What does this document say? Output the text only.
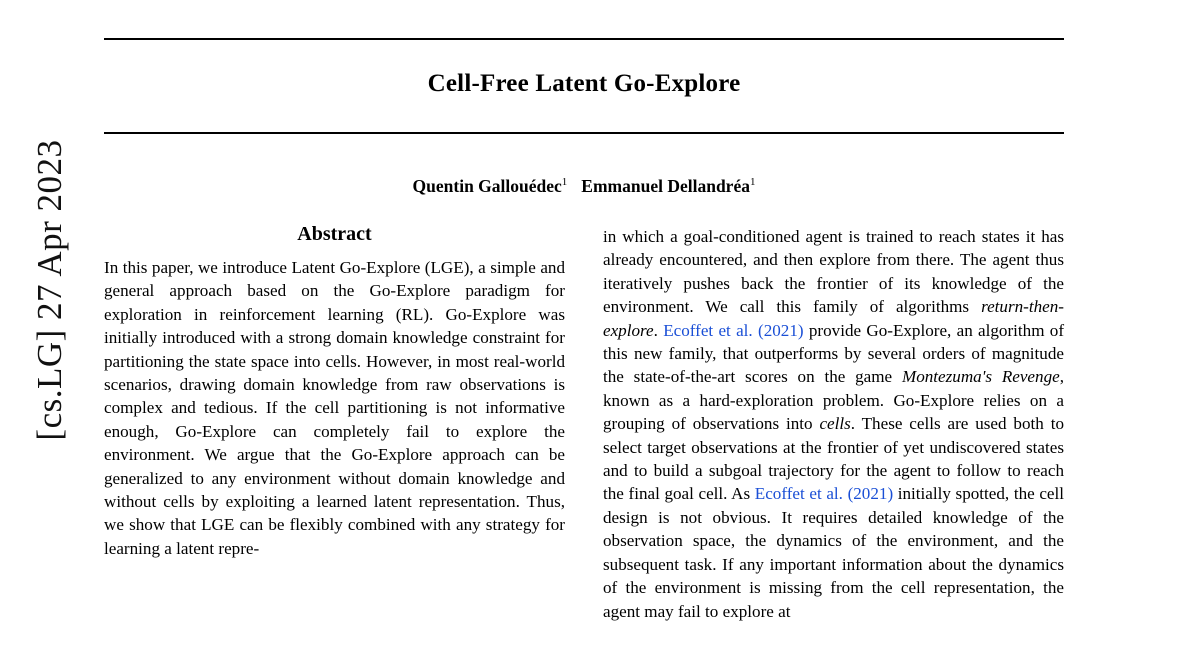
[cs.LG] 27 Apr 2023
Cell-Free Latent Go-Explore
Quentin Gallouédec$^1$ Emmanuel Dellandréa$^1$
Abstract

In this paper, we introduce Latent Go-Explore (LGE), a simple and general approach based on the Go-Explore paradigm for exploration in reinforcement learning (RL). Go-Explore was initially introduced with a strong domain knowledge constraint for partitioning the state space into cells. However, in most real-world scenarios, drawing domain knowledge from raw observations is complex and tedious. If the cell partitioning is not informative enough, Go-Explore can completely fail to explore the environment. We argue that the Go-Explore approach can be generalized to any environment without domain knowledge and without cells by exploiting a learned latent representation. Thus, we show that LGE can be flexibly combined with any strategy for learning a latent repre-

in which a goal-conditioned agent is trained to reach states it has already encountered, and then explore from there. The agent thus iteratively pushes back the frontier of its knowledge of the environment. We call this family of algorithms return-then-explore. Ecoffet et al. (2021) provide Go-Explore, an algorithm of this new family, that outperforms by several orders of magnitude the state-of-the-art scores on the game Montezuma's Revenge, known as a hard-exploration problem. Go-Explore relies on a grouping of observations into cells. These cells are used both to select target observations at the frontier of yet undiscovered states and to build a subgoal trajectory for the agent to follow to reach the final goal cell. As Ecoffet et al. (2021) initially spotted, the cell design is not obvious. It requires detailed knowledge of the observation space, the dynamics of the environment, and the subsequent task. If any important information about the dynamics of the environment is missing from the cell representation, the agent may fail to explore at
